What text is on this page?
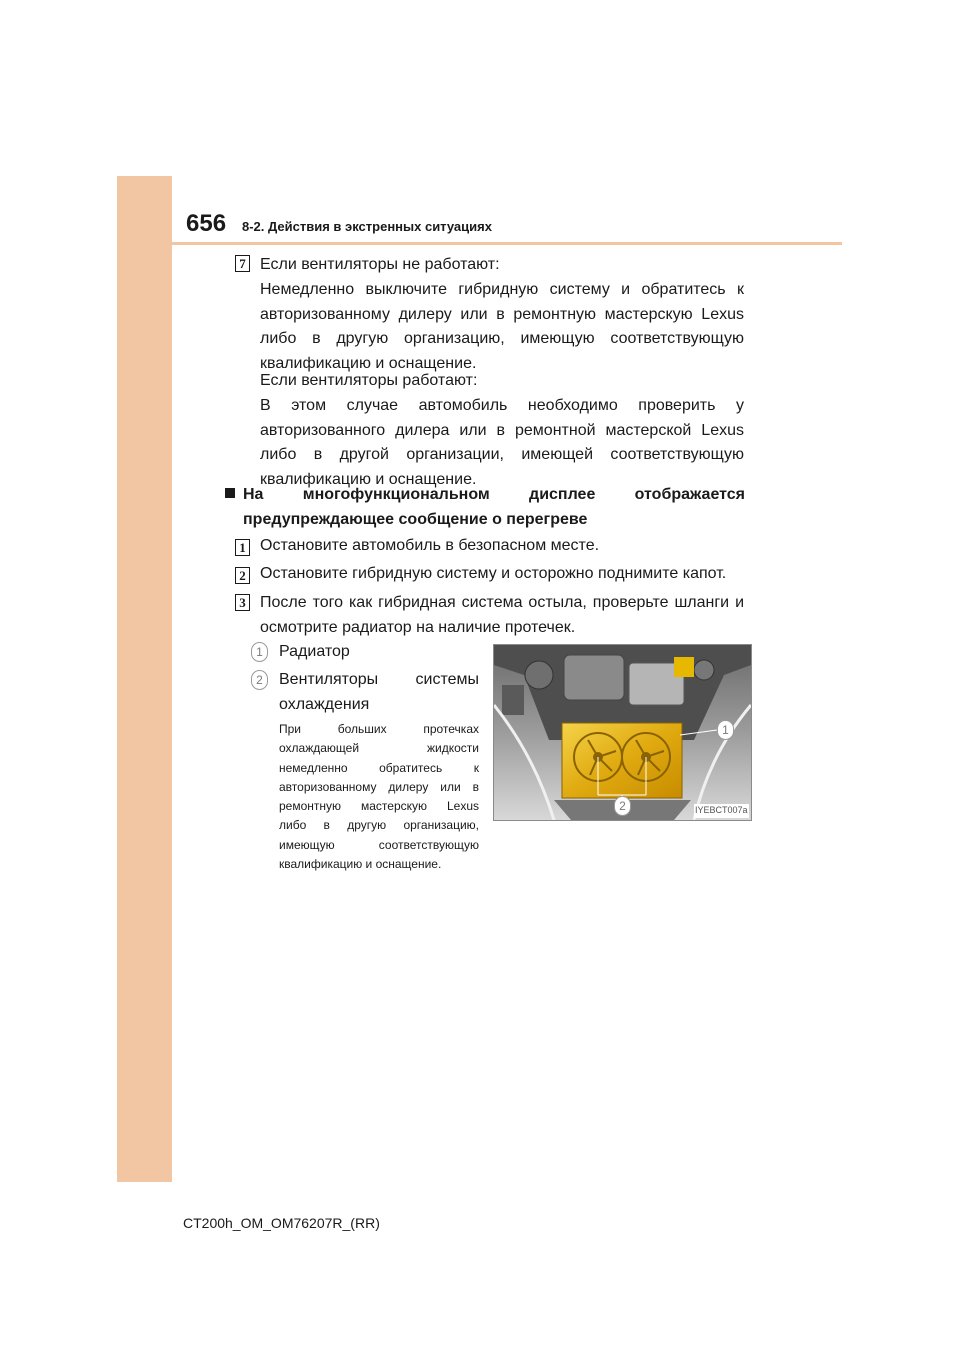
656 8-2. Действия в экстренных ситуациях
7 Если вентиляторы не работают:
Немедленно выключите гибридную систему и обратитесь к
авторизованному дилеру или в ремонтную мастерскую Lexus
либо в другую организацию, имеющую соответствующую
квалификацию и оснащение.
Если вентиляторы работают:
В этом случае автомобиль необходимо проверить у
авторизованного дилера или в ремонтной мастерской Lexus
либо в другой организации, имеющей соответствующую
квалификацию и оснащение.
На многофункциональном дисплее отображается
предупреждающее сообщение о перегреве
1 Остановите автомобиль в безопасном месте.
2 Остановите гибридную систему и осторожно поднимите капот.
3 После того как гибридная система остыла, проверьте шланги и
осмотрите радиатор на наличие протечек.
1	Радиатор
2	Вентиляторы системы
охлаждения
При больших протечках
охлаждающей жидкости
немедленно обратитесь к
авторизованному дилеру или в
ремонтную мастерскую Lexus
либо в другую организацию,
имеющую соответствующую
квалификацию и оснащение.
1
2	IYEBCT007a
CT200h_OM_OM76207R_(RR)
